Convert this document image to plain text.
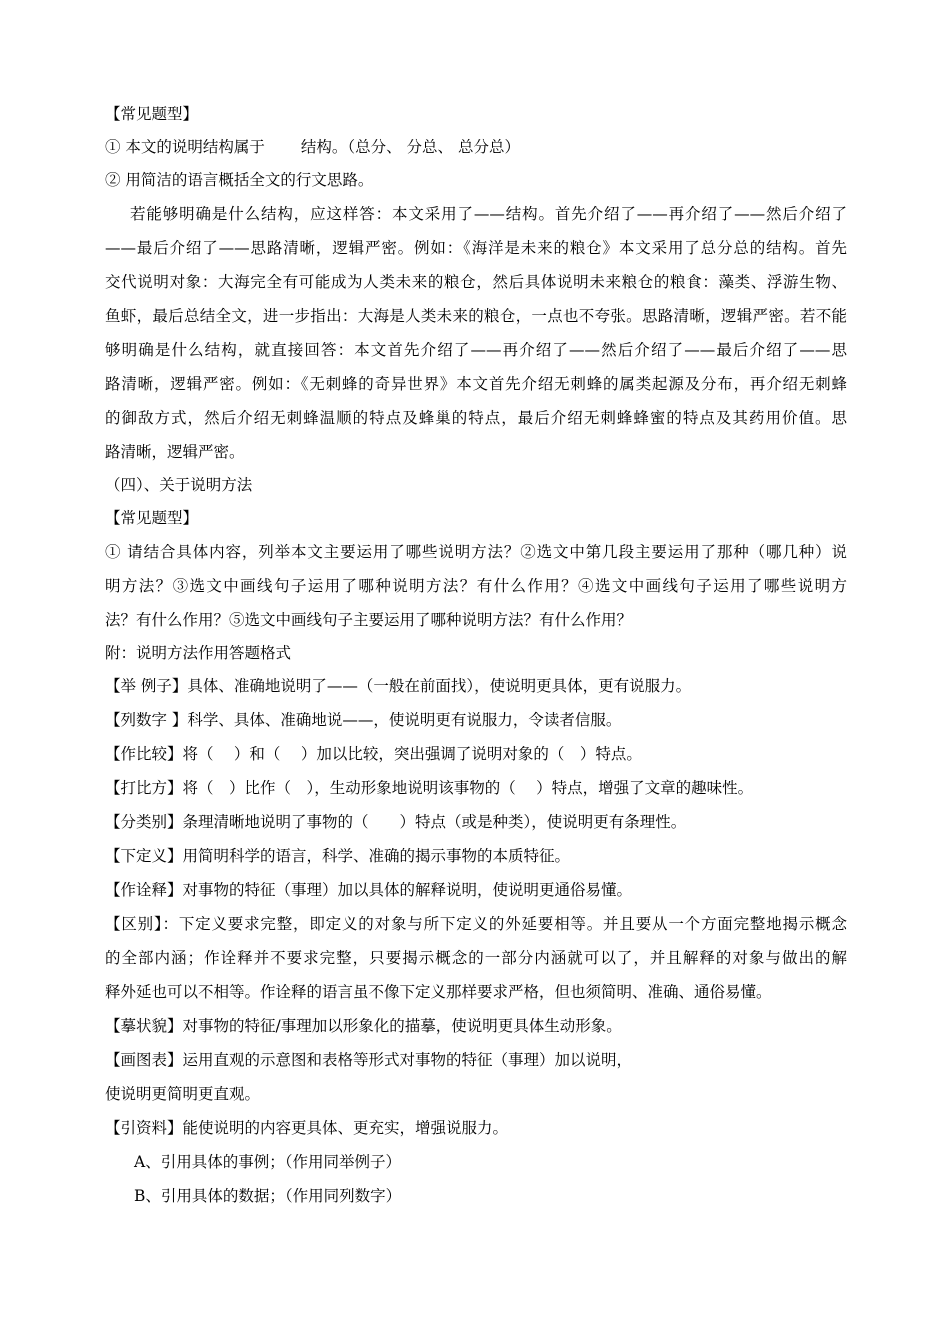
【常见题型】

① 本文的说明结构属于　　 结构。（总分、 分总、 总分总）

② 用简洁的语言概括全文的行文思路。

若能够明确是什么结构，应这样答：本文采用了——结构。首先介绍了——再介绍了——然后介绍了

——最后介绍了——思路清晰，逻辑严密。例如：《海洋是未来的粮仓》本文采用了总分总的结构。首先

交代说明对象：大海完全有可能成为人类未来的粮仓，然后具体说明未来粮仓的粮食：藻类、浮游生物、

鱼虾，最后总结全文，进一步指出：大海是人类未来的粮仓，一点也不夸张。思路清晰，逻辑严密。若不能

够明确是什么结构，就直接回答：本文首先介绍了——再介绍了——然后介绍了——最后介绍了——思

路清晰，逻辑严密。例如：《无刺蜂的奇异世界》本文首先介绍无刺蜂的属类起源及分布，再介绍无刺蜂

的御敌方式，然后介绍无刺蜂温顺的特点及蜂巢的特点，最后介绍无刺蜂蜂蜜的特点及其药用价值。思

路清晰，逻辑严密。

（四）、关于说明方法

【常见题型】

① 请结合具体内容，列举本文主要运用了哪些说明方法？②选文中第几段主要运用了那种（哪几种）说

明方法？③选文中画线句子运用了哪种说明方法？有什么作用？④选文中画线句子运用了哪些说明方

法？有什么作用？⑤选文中画线句子主要运用了哪种说明方法？有什么作用？

附：说明方法作用答题格式

【举 例子】具体、准确地说明了——（一般在前面找），使说明更具体，更有说服力。

【列数字 】科学、具体、准确地说——，使说明更有说服力，令读者信服。

【作比较】将（　 ）和（　 ）加以比较，突出强调了说明对象的（　）特点。

【打比方】将（　）比作（　），生动形象地说明该事物的（　 ）特点，增强了文章的趣味性。

【分类别】条理清晰地说明了事物的（　　）特点（或是种类），使说明更有条理性。

【下定义】用简明科学的语言，科学、准确的揭示事物的本质特征。

【作诠释】对事物的特征（事理）加以具体的解释说明，使说明更通俗易懂。

【区别】：下定义要求完整，即定义的对象与所下定义的外延要相等。并且要从一个方面完整地揭示概念

的全部内涵；作诠释并不要求完整，只要揭示概念的一部分内涵就可以了，并且解释的对象与做出的解

释外延也可以不相等。作诠释的语言虽不像下定义那样要求严格，但也须简明、准确、通俗易懂。

【摹状貌】对事物的特征/事理加以形象化的描摹，使说明更具体生动形象。

【画图表】运用直观的示意图和表格等形式对事物的特征（事理）加以说明，

使说明更简明更直观。

【引资料】能使说明的内容更具体、更充实，增强说服力。

A、引用具体的事例；（作用同举例子）

B、引用具体的数据；（作用同列数字）
